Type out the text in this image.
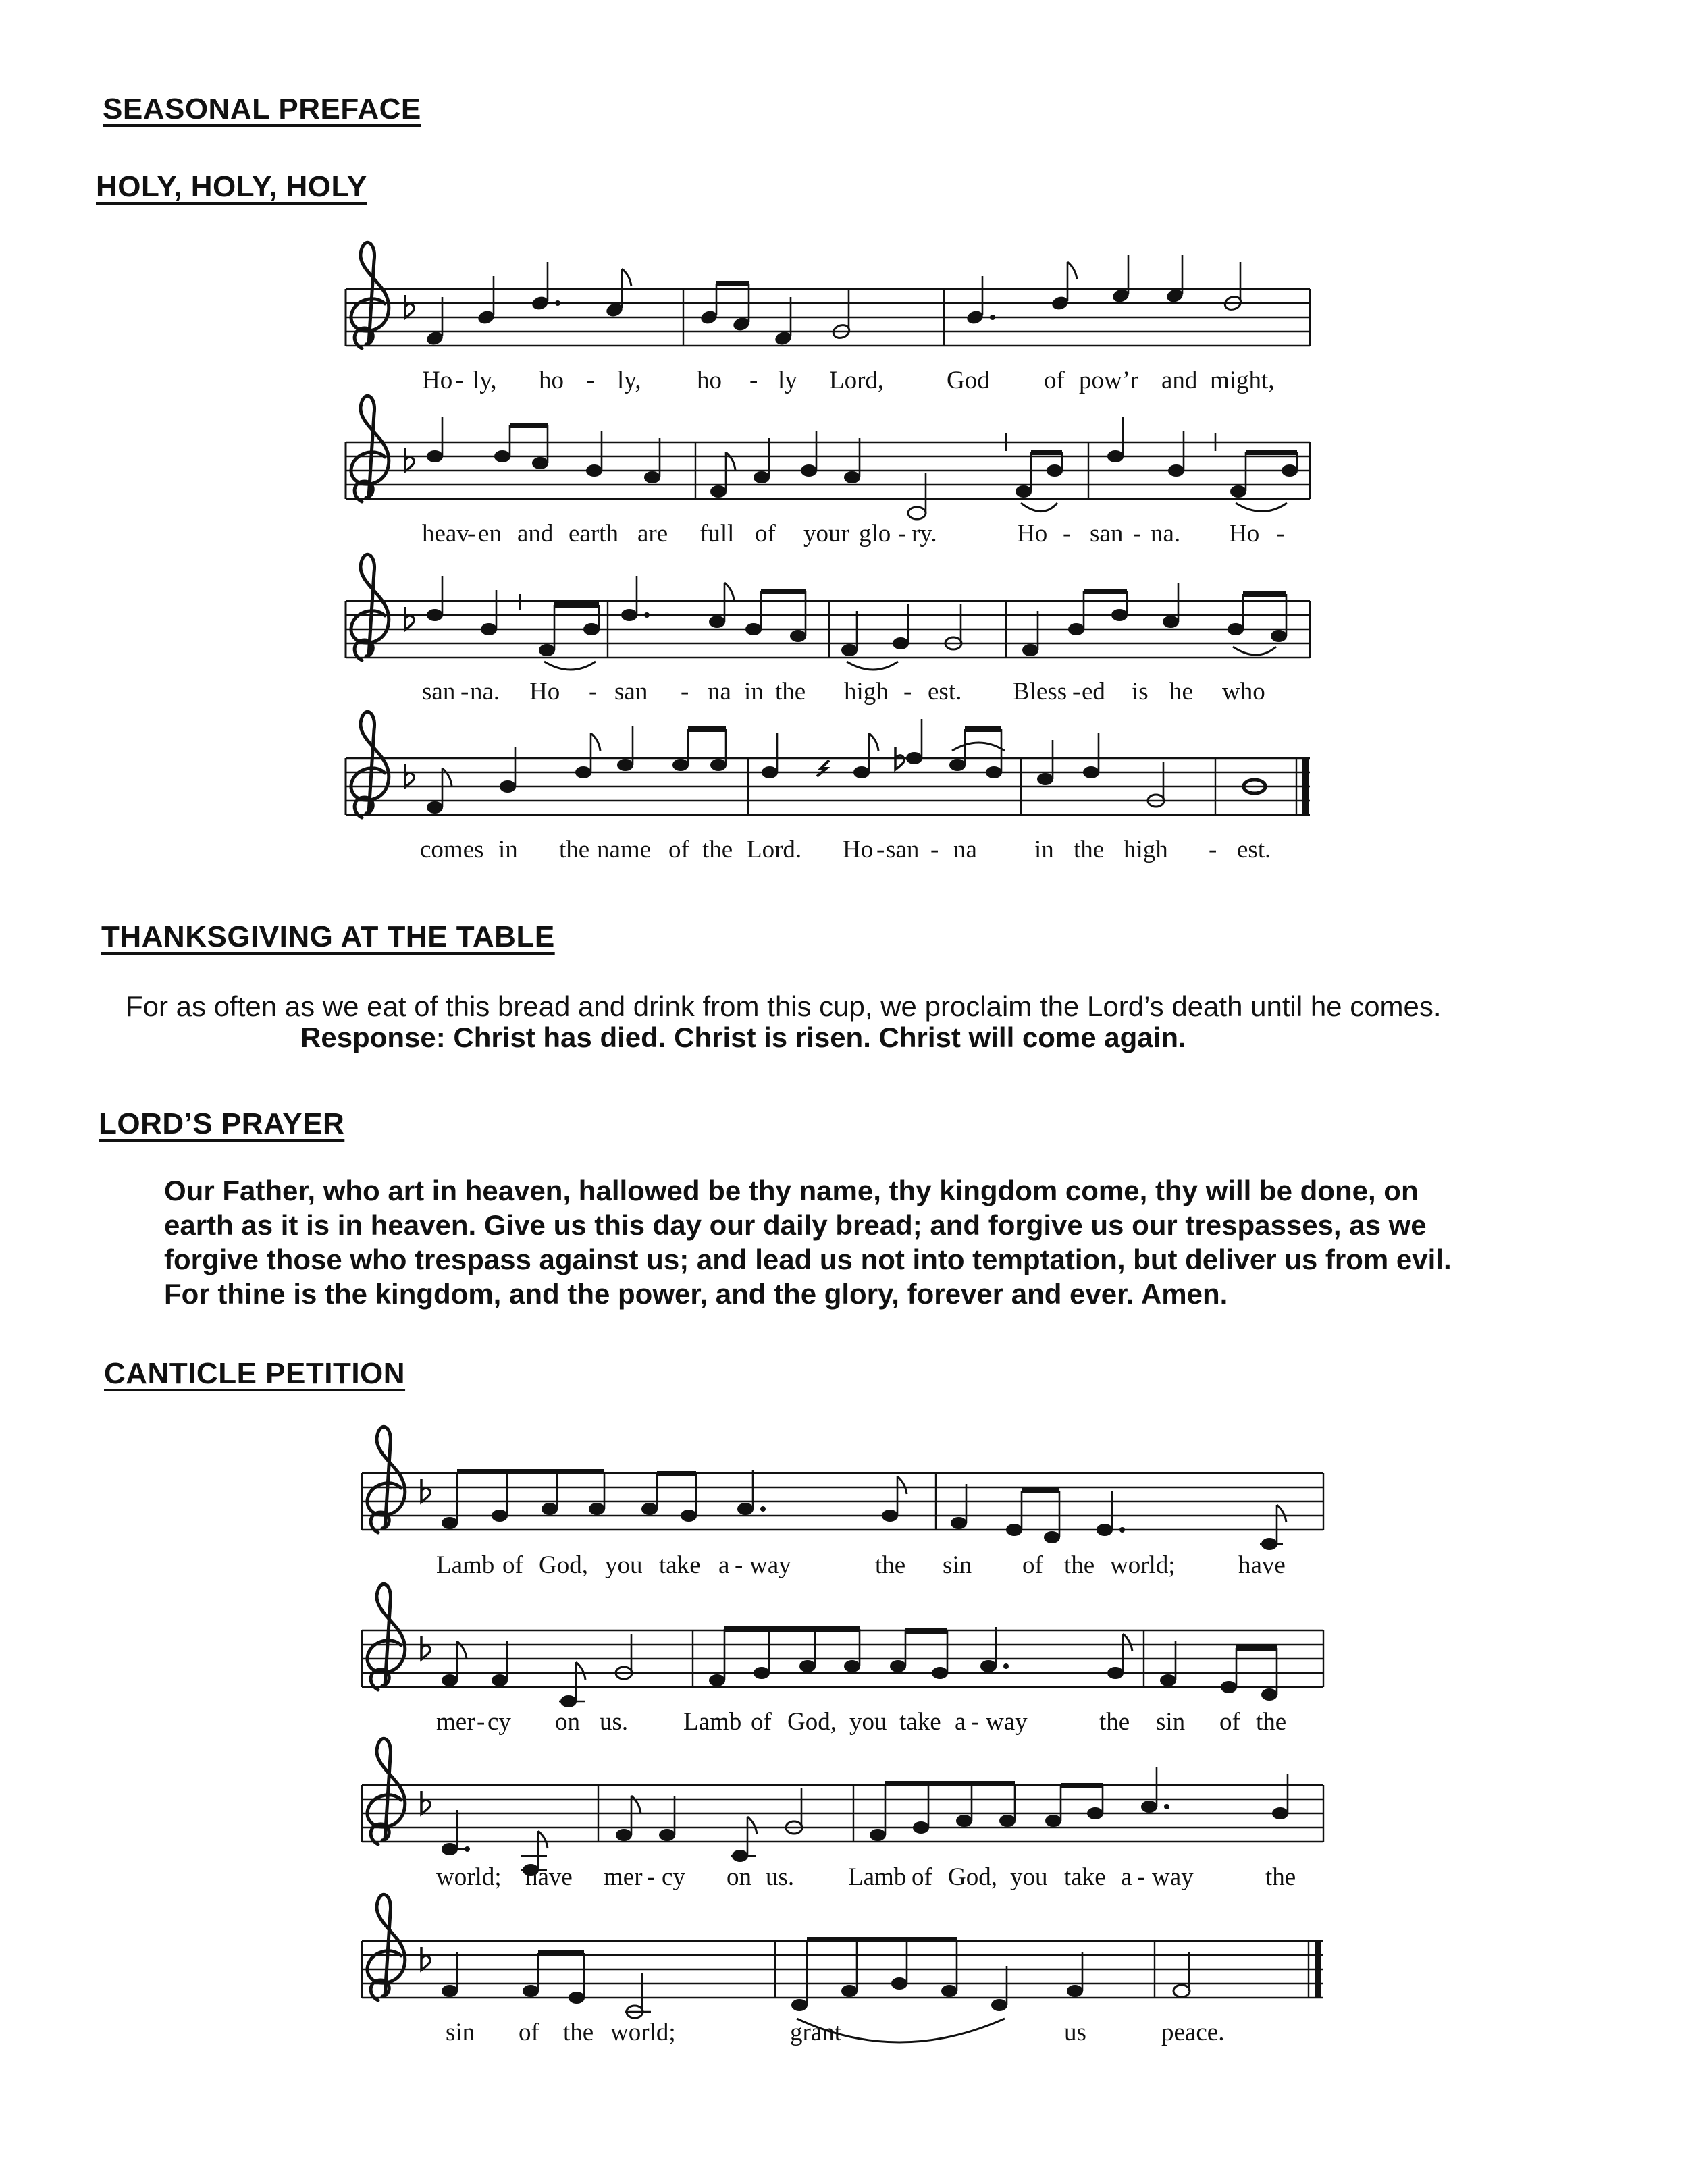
SEASONAL PREFACE
HOLY, HOLY, HOLY
THANKSGIVING AT THE TABLE
LORD’S PRAYER
CANTICLE PETITION

For as often as we eat of this bread and drink from this cup, we proclaim the Lord’s death until he comes.

Response: Christ has died. Christ is risen. Christ will come again.

Our Father, who art in heaven, hallowed be thy name, thy kingdom come, thy will be done, on
earth as it is in heaven. Give us this day our daily bread; and forgive us our trespasses, as we
forgive those who trespass against us; and lead us not into temptation, but deliver us from evil.
For thine is the kingdom, and the power, and the glory, forever and ever. Amen.
Ho - ly, ho - ly, ho - ly Lord,	God of pow’r and might,
heav
- en and earth are full of your glo - ry.	Ho - san - na. Ho -
san - na. Ho - san - na in the high - est. Bless - ed is he who
comes in the name of the Lord. Ho - san - na in the high - est.
Lamb of God, you take a - way	the sin of the world;	have
mer - cy on us. Lamb of God, you take a - way	the sin of the
world; have mer - cy on us. Lamb of God, you take a - way	the
sin of the world;	grant	us	peace.
